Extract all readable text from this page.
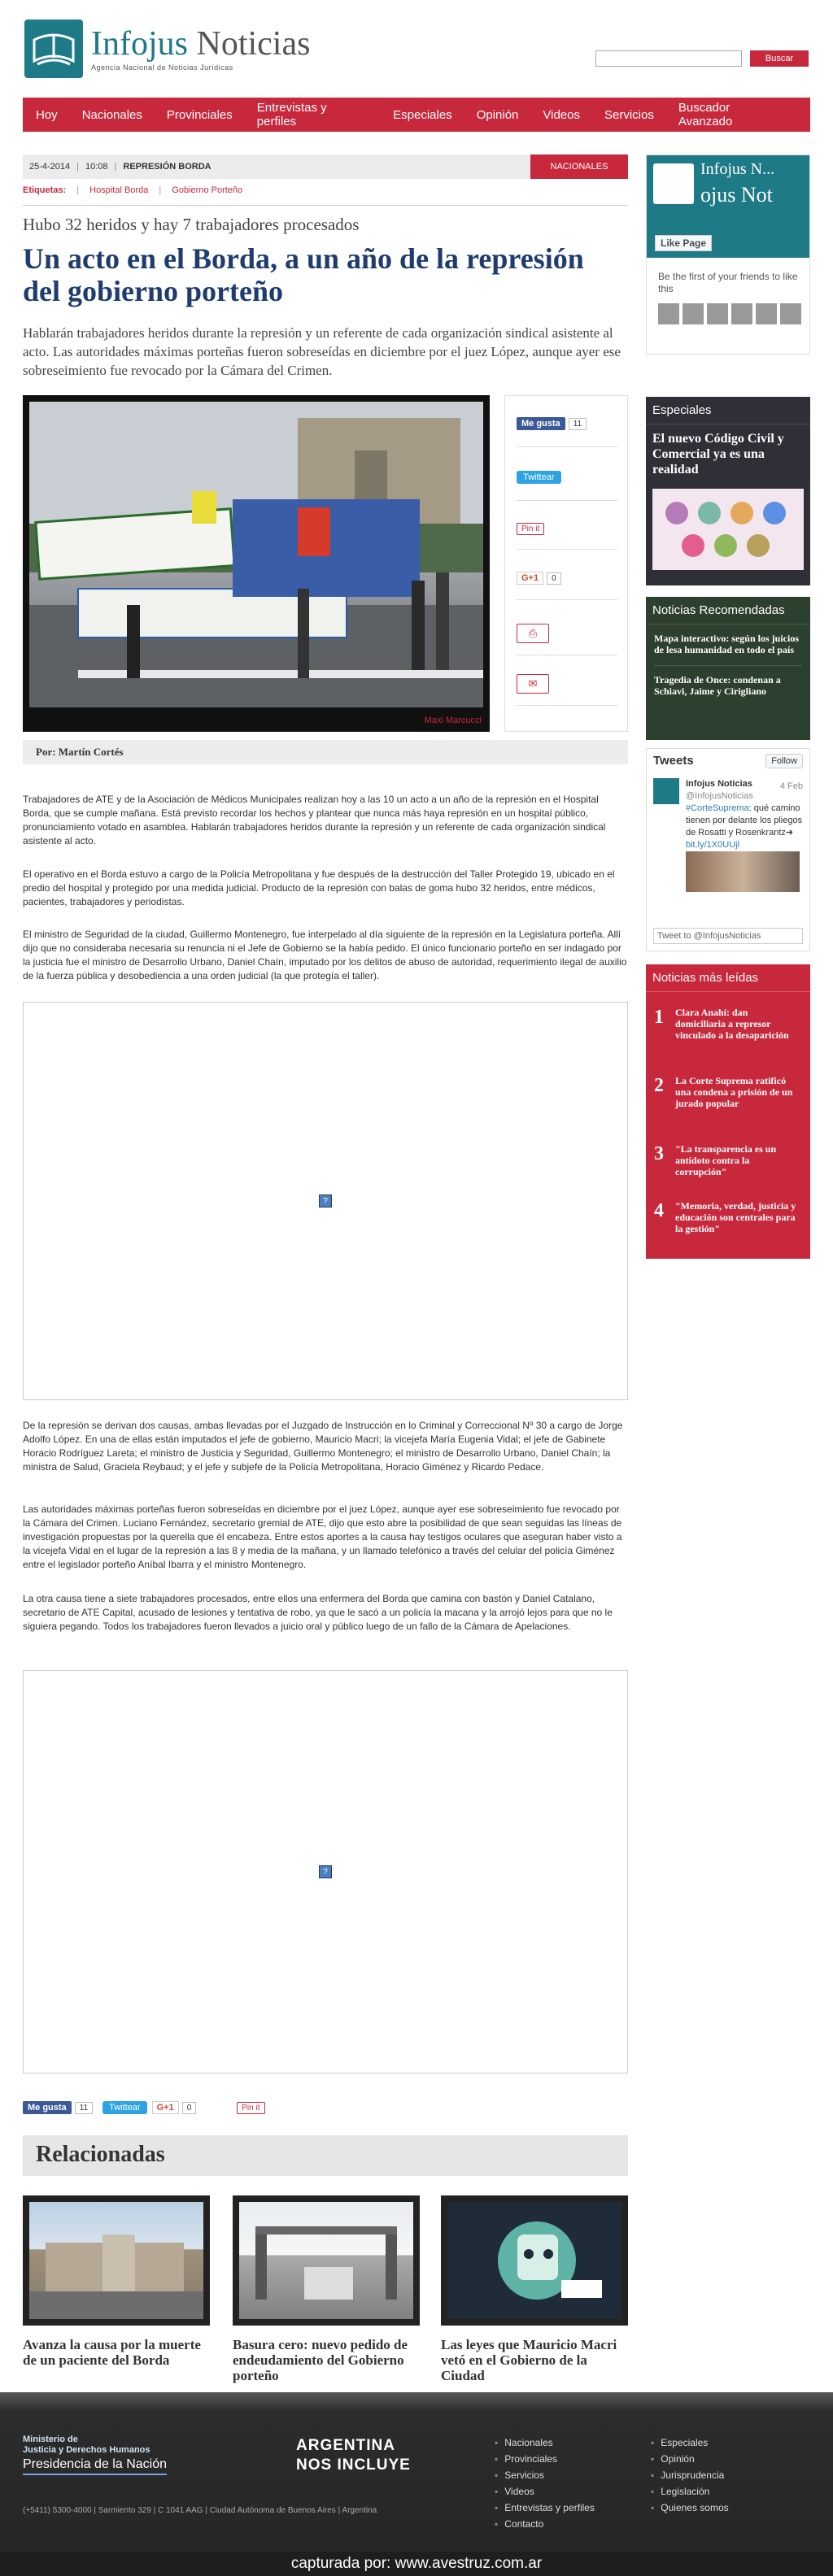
Infojus Noticias
Agencia Nacional de Noticias Jurídicas
Buscar
Hoy Nacionales Provinciales Entrevistas y perfiles	Especiales Opinión Videos Servicios Buscador Avanzado
25-4-2014 | 10:08 | REPRESIÓN BORDA	NACIONALES
Etiquetas: | Hospital Borda | Gobierno Porteño
Hubo 32 heridos y hay 7 trabajadores procesados
Un acto en el Borda, a un año de la represión del gobierno porteño
Hablarán trabajadores heridos durante la represión y un referente de cada organización sindical asistente al acto. Las autoridades máximas porteñas fueron sobreseídas en diciembre por el juez López, aunque ayer ese sobreseimiento fue revocado por la Cámara del Crimen.
Maxi Marcucci
Me gusta	11
Twittear
Pin it
G+1	0
⎙
✉
Por: Martín Cortés
Trabajadores de ATE y de la Asociación de Médicos Municipales realizan hoy a las 10 un acto a un año de la represión en el Hospital Borda, que se cumple mañana. Está previsto recordar los hechos y plantear que nunca más haya represión en un hospital público, pronunciamiento votado en asamblea. Hablarán trabajadores heridos durante la represión y un referente de cada organización sindical asistente al acto.
El operativo en el Borda estuvo a cargo de la Policía Metropolitana y fue después de la destrucción del Taller Protegido 19, ubicado en el predio del hospital y protegido por una medida judicial. Producto de la represión con balas de goma hubo 32 heridos, entre médicos, pacientes, trabajadores y periodistas.
El ministro de Seguridad de la ciudad, Guillermo Montenegro, fue interpelado al día siguiente de la represión en la Legislatura porteña. Allí dijo que no consideraba necesaria su renuncia ni el Jefe de Gobierno se la había pedido. El único funcionario porteño en ser indagado por la justicia fue el ministro de Desarrollo Urbano, Daniel Chaín, imputado por los delitos de abuso de autoridad, requerimiento ilegal de auxilio de la fuerza pública y desobediencia a una orden judicial (la que protegía el taller).
?
De la represión se derivan dos causas, ambas llevadas por el Juzgado de Instrucción en lo Criminal y Correccional Nº 30 a cargo de Jorge Adolfo López. En una de ellas están imputados el jefe de gobierno, Mauricio Macri; la vicejefa María Eugenia Vidal; el jefe de Gabinete Horacio Rodríguez Lareta; el ministro de Justicia y Seguridad, Guillermo Montenegro; el ministro de Desarrollo Urbano, Daniel Chaín; la ministra de Salud, Graciela Reybaud; y el jefe y subjefe de la Policía Metropolitana, Horacio Giménez y Ricardo Pedace.
Las autoridades máximas porteñas fueron sobreseídas en diciembre por el juez López, aunque ayer ese sobreseimiento fue revocado por la Cámara del Crimen. Luciano Fernández, secretario gremial de ATE, dijo que esto abre la posibilidad de que sean seguidas las líneas de investigación propuestas por la querella que él encabeza. Entre estos aportes a la causa hay testigos oculares que aseguran haber visto a la vicejefa Vidal en el lugar de la represión a las 8 y media de la mañana, y un llamado telefónico a través del celular del policía Giménez entre el legislador porteño Aníbal Ibarra y el ministro Montenegro.
La otra causa tiene a siete trabajadores procesados, entre ellos una enfermera del Borda que camina con bastón y Daniel Catalano, secretario de ATE Capital, acusado de lesiones y tentativa de robo, ya que le sacó a un policía la macana y la arrojó lejos para que no le siguiera pegando. Todos los trabajadores fueron llevados a juicio oral y público luego de un fallo de la Cámara de Apelaciones.
?
Me gusta	11	Twittear	G+1	0	Pin it
Relacionadas
Avanza la causa por la muerte de un paciente del Borda
Basura cero: nuevo pedido de endeudamiento del Gobierno porteño
Las leyes que Mauricio Macri vetó en el Gobierno de la Ciudad
Infojus N...
ojus Not
Like Page
Be the first of your friends to like this
Especiales
El nuevo Código Civil y Comercial ya es una realidad
Noticias Recomendadas
Mapa interactivo: según los juicios de lesa humanidad en todo el país
Tragedia de Once: condenan a Schiavi, Jaime y Cirigliano
Tweets	Follow
Infojus Noticias
@InfojusNoticias
#CorteSuprema: qué camino tienen por delante los pliegos de Rosatti y Rosenkrantz➜ bit.ly/1X0UUjl
4 Feb
Tweet to @InfojusNoticias
Noticias más leídas
1	Clara Anahí: dan domiciliaria a represor vinculado a la desaparición
2	La Corte Suprema ratificó una condena a prisión de un jurado popular
3	"La transparencia es un antídoto contra la corrupción"
4	"Memoria, verdad, justicia y educación son centrales para la gestión"
Ministerio de
Justicia y Derechos Humanos
Presidencia de la Nación
(+5411) 5300-4000 | Sarmiento 329 | C 1041 AAG | Ciudad Autónoma de Buenos Aires | Argentina
ARGENTINA
NOS INCLUYE
▪ Nacionales
▪ Provinciales
▪ Servicios
▪ Videos
▪ Entrevistas y perfiles
▪ Contacto
▪ Especiales
▪ Opinión
▪ Jurisprudencia
▪ Legislación
▪ Quienes somos
capturada por: www.avestruz.com.ar
